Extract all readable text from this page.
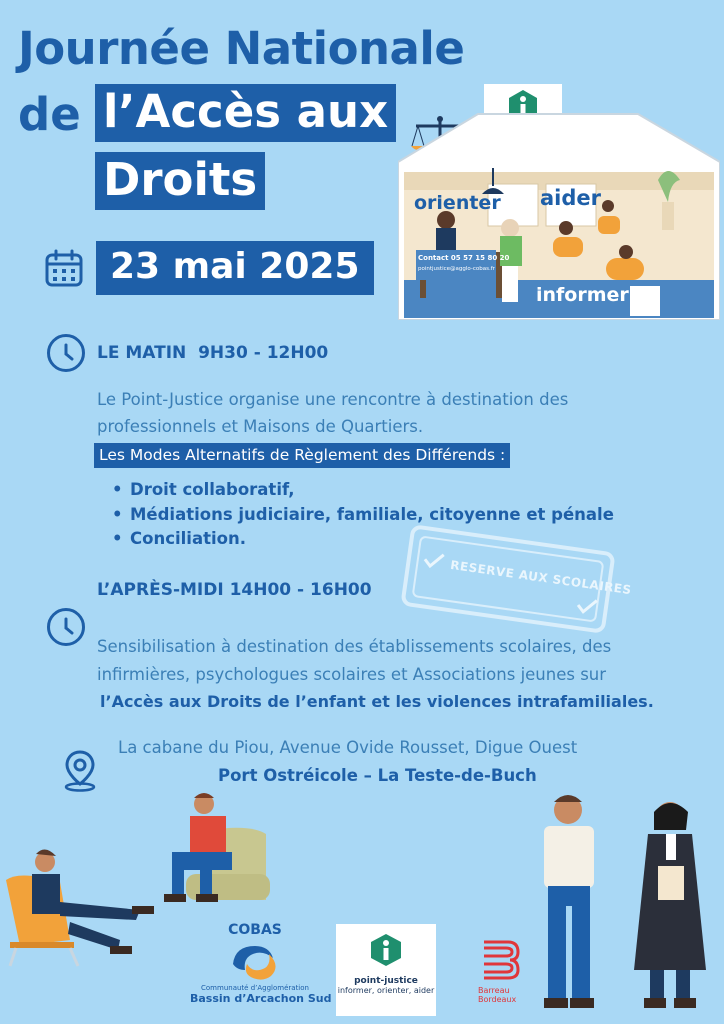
Journée Nationale
de l’Accès aux
Droits
23 mai 2025
orienter aider
informer
Contact 05 57 15 80 20
pointjustice@agglo-cobas.fr
LE MATIN  9H30 - 12H00
Le Point-Justice organise une rencontre à destination des
professionnels et Maisons de Quartiers.
Les Modes Alternatifs de Règlement des Différends :
• Droit collaboratif,
• Médiations judiciaire, familiale, citoyenne et pénale
• Conciliation.
L’APRÈS-MIDI 14H00 - 16H00	RESERVE AUX SCOLAIRES
Sensibilisation à destination des établissements scolaires, des
infirmières, psychologues scolaires et Associations jeunes sur
l’Accès aux Droits de l’enfant et les violences intrafamiliales.
La cabane du Piou, Avenue Ovide Rousset, Digue Ouest
Port Ostréicole – La Teste-de-Buch
COBAS
Communauté d’Agglomération
Bassin d’Arcachon Sud
point-justice
informer, orienter, aider	Barreau
Bordeaux
